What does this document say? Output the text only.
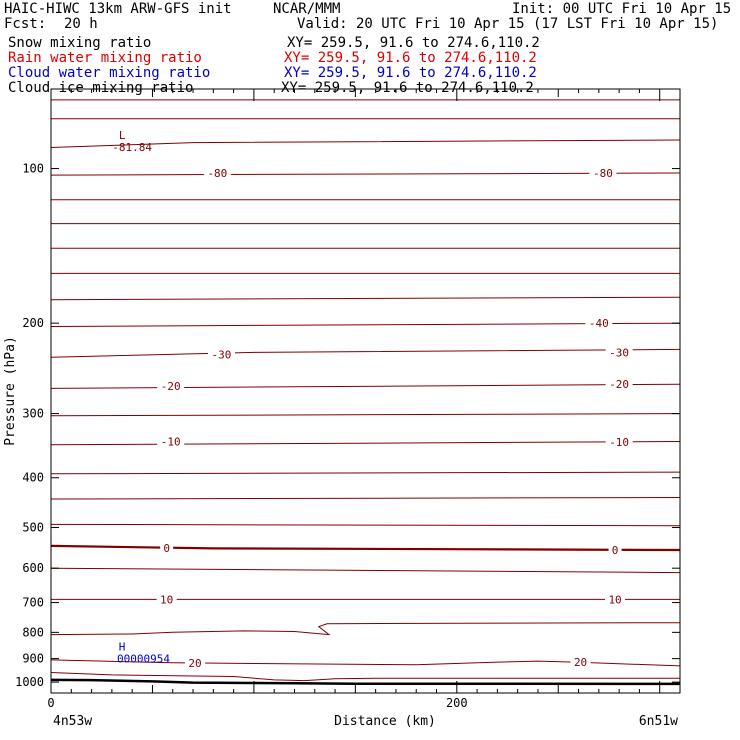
HAIC-HIWC 13km ARW-GFS init	NCAR/MMM	Init: 00 UTC Fri 10 Apr 15
Fcst: 20 h	Valid: 20 UTC Fri 10 Apr 15 (17 LST Fri 10 Apr 15)
Snow mixing ratio	XY= 259.5, 91.6 to 274.6,110.2
Rain water mixing ratio	XY= 259.5, 91.6 to 274.6,110.2
Cloud water mixing ratio	XY= 259.5, 91.6 to 274.6,110.2
Cloud ice mixing ratio	XY= 259.5, 91.6 to 274.6,110.2
-80	-80
-40
-30	-30
-20	-20
-10	-10
0	0
10	10
20	20
100
200
300
400
500
600
700
800
900
1000
0	200
L
-81.84
H
00000954
Distance (km)
4n53w	6n51w
Pressure (hPa)
